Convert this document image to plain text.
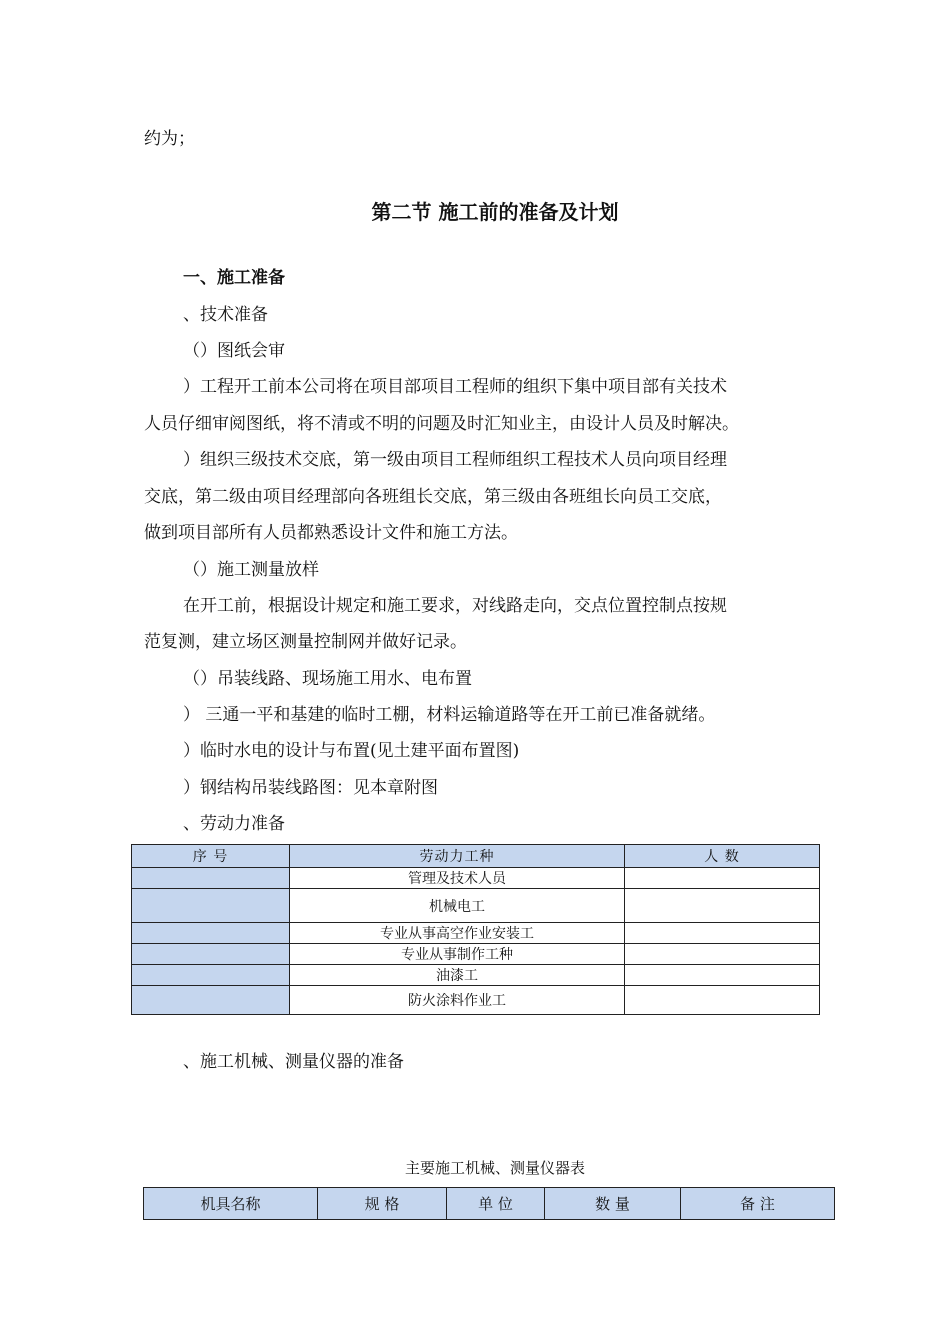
约为；
第二节 施工前的准备及计划
一、施工准备
、技术准备
（）图纸会审
）工程开工前本公司将在项目部项目工程师的组织下集中项目部有关技术
人员仔细审阅图纸，将不清或不明的问题及时汇知业主，由设计人员及时解决。
）组织三级技术交底，第一级由项目工程师组织工程技术人员向项目经理
交底，第二级由项目经理部向各班组长交底，第三级由各班组长向员工交底，
做到项目部所有人员都熟悉设计文件和施工方法。
（）施工测量放样
在开工前，根据设计规定和施工要求，对线路走向，交点位置控制点按规
范复测，建立场区测量控制网并做好记录。
（）吊装线路、现场施工用水、电布置
） 三通一平和基建的临时工棚，材料运输道路等在开工前已准备就绪。
）临时水电的设计与布置(见土建平面布置图)
）钢结构吊装线路图：见本章附图
、劳动力准备
序 号	劳动力工种	人 数
	管理及技术人员	
	机械电工	
	专业从事高空作业安装工	
	专业从事制作工种	
	油漆工	
	防火涂料作业工	
、施工机械、测量仪器的准备
主要施工机械、测量仪器表
机具名称	规 格	单 位	数 量	备 注
